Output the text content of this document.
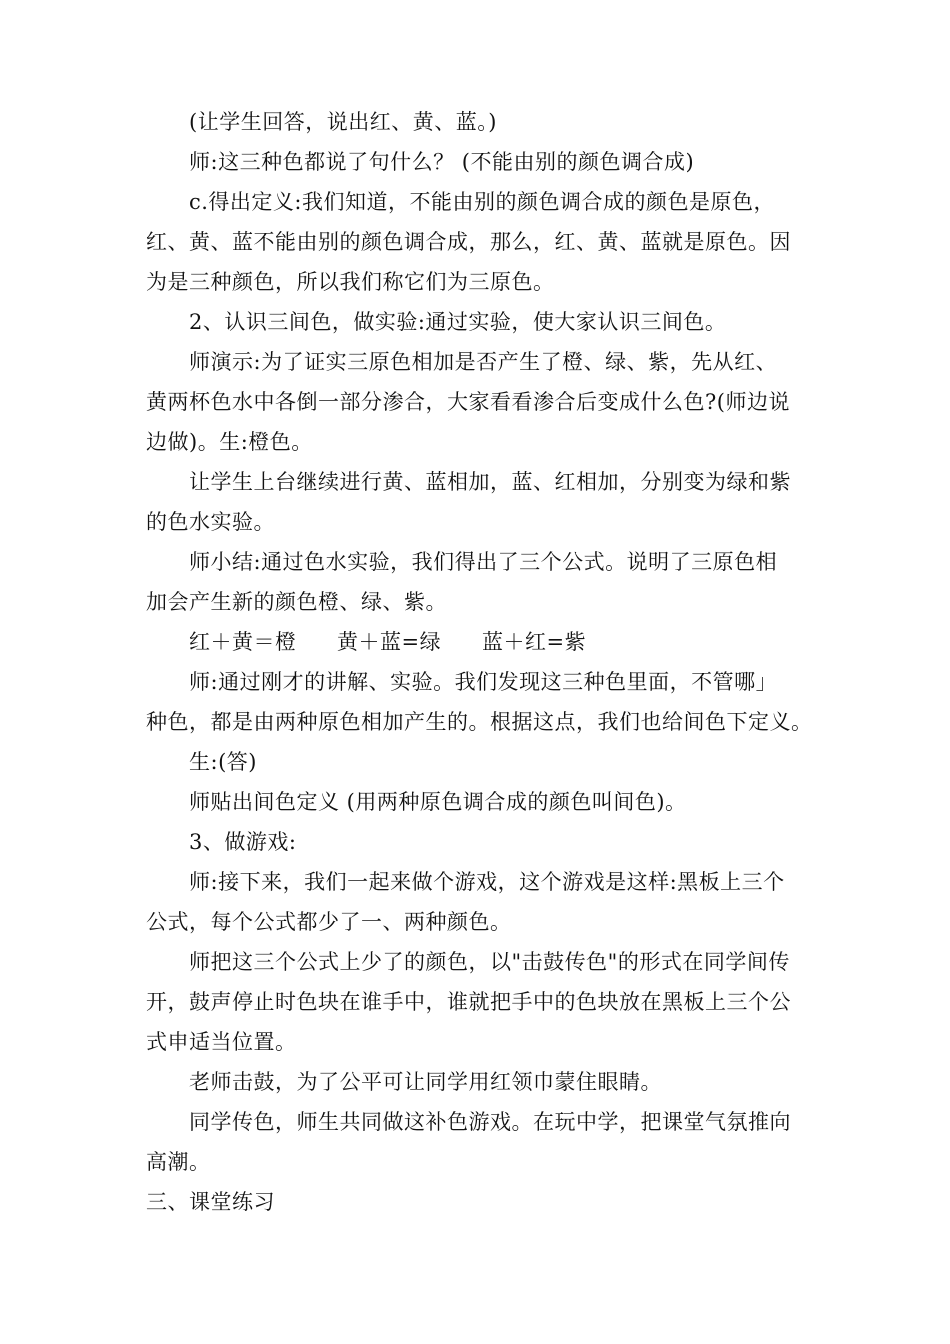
(让学生回答，说出红、黄、蓝。)
师:这三种色都说了句什么？ (不能由别的颜色调合成)
c.得出定义:我们知道，不能由别的颜色调合成的颜色是原色，
红、黄、蓝不能由别的颜色调合成，那么，红、黄、蓝就是原色。因
为是三种颜色，所以我们称它们为三原色。
2、认识三间色，做实验:通过实验，使大家认识三间色。
师演示:为了证实三原色相加是否产生了橙、绿、紫，先从红、
黄两杯色水中各倒一部分渗合，大家看看渗合后变成什么色?(师边说
边做)。生:橙色。
让学生上台继续进行黄、蓝相加，蓝、红相加，分别变为绿和紫
的色水实验。
师小结:通过色水实验，我们得出了三个公式。说明了三原色相
加会产生新的颜色橙、绿、紫。
红＋黄＝橙 黄＋蓝=绿 蓝＋红=紫
师:通过刚才的讲解、实验。我们发现这三种色里面，不管哪」
种色，都是由两种原色相加产生的。根据这点，我们也给间色下定义。
生:(答)
师贴出间色定义 (用两种原色调合成的颜色叫间色)。
3、做游戏:
师:接下来，我们一起来做个游戏，这个游戏是这样:黑板上三个
公式，每个公式都少了一、两种颜色。
师把这三个公式上少了的颜色，以"击鼓传色"的形式在同学间传
开，鼓声停止时色块在谁手中，谁就把手中的色块放在黑板上三个公
式申适当位置。
老师击鼓，为了公平可让同学用红领巾蒙住眼睛。
同学传色，师生共同做这补色游戏。在玩中学，把课堂气氛推向
高潮。
三、课堂练习
